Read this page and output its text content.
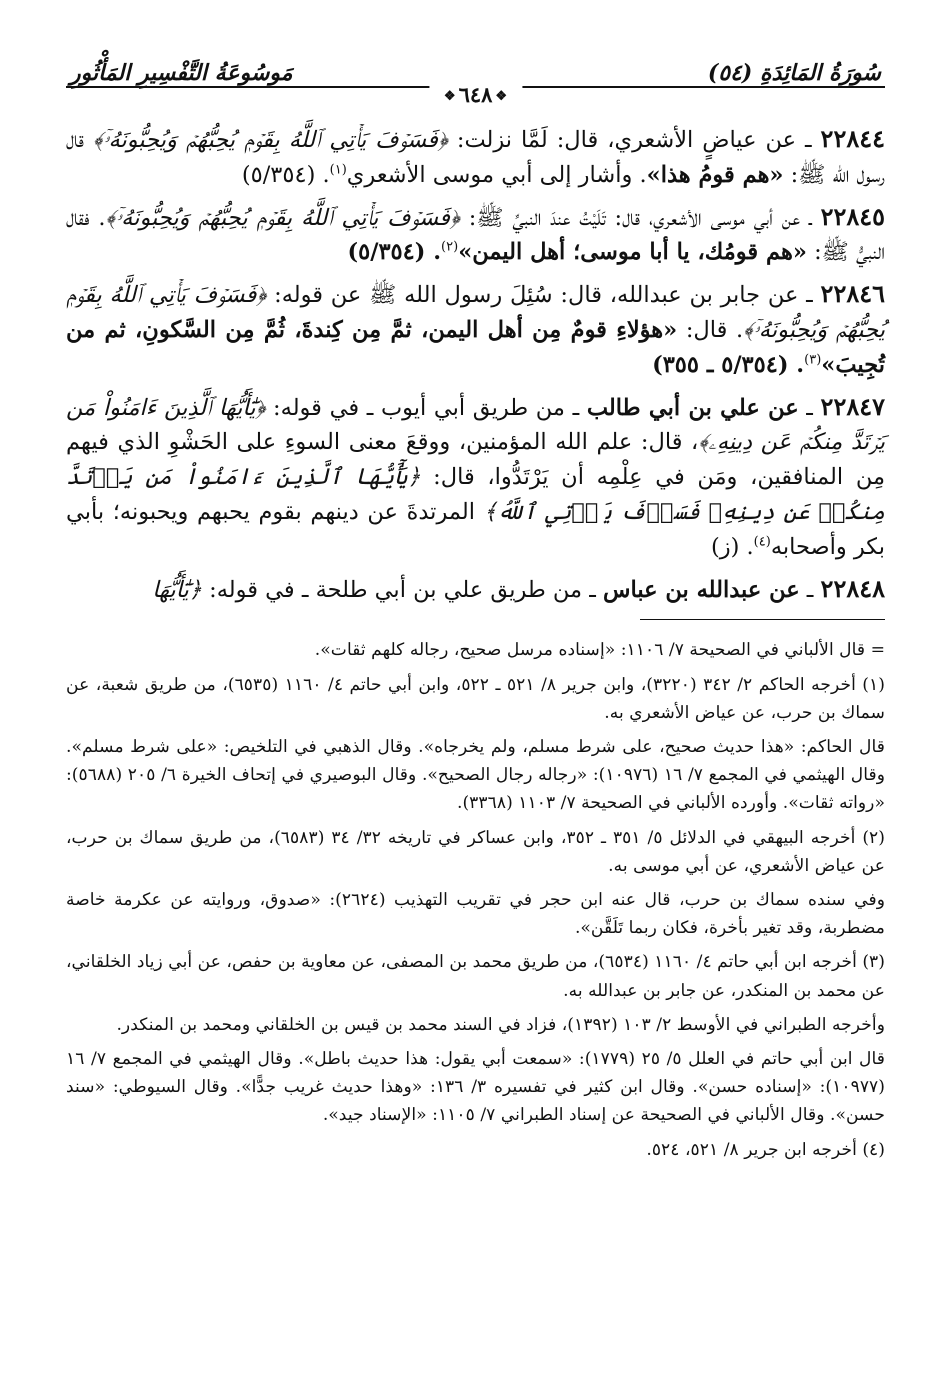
سُورَةُ المَائِدَةِ (٥٤)
مَوسُوعَةُ التَّفْسِيرِ المَأْثُورِ
❖٦٤٨❖

٢٢٨٤٤ ـ عن عياضٍ الأشعري، قال: لَمَّا نزلت: ﴿فَسَوۡفَ يَأۡتِي ٱللَّهُ بِقَوۡمٖ يُحِبُّهُمۡ وَيُحِبُّونَهُۥٓ﴾ قال رسول الله ﷺ: «هم قومُ هذا». وأشار إلى أبي موسى الأشعري$^{(١)}$. (٥/٣٥٤)

٢٢٨٤٥ ـ عن أبي موسى الأشعري، قال: تَلَيْتُ عندَ النبيِّ ﷺ: ﴿فَسَوۡفَ يَأۡتِي ٱللَّهُ بِقَوۡمٖ يُحِبُّهُمۡ وَيُحِبُّونَهُۥٓ﴾. فقال النبيُّ ﷺ: «هم قومُك، يا أبا موسى؛ أهل اليمن»$^{(٢)}$. (٥/٣٥٤)

٢٢٨٤٦ ـ عن جابر بن عبدالله، قال: سُئِلَ رسول الله ﷺ عن قوله: ﴿فَسَوۡفَ يَأۡتِي ٱللَّهُ بِقَوۡمٖ يُحِبُّهُمۡ وَيُحِبُّونَهُۥٓ﴾. قال: «هؤلاءِ قومٌ مِن أهل اليمن، ثمَّ مِن كِندةَ، ثُمَّ مِن السَّكونِ، ثم من تُجِيبَ»$^{(٣)}$. (٥/٣٥٤ ـ ٣٥٥)

٢٢٨٤٧ ـ عن علي بن أبي طالب ـ من طريق أبي أيوب ـ في قوله: ﴿يَٰٓأَيُّهَا ٱلَّذِينَ ءَامَنُواْ مَن يَرۡتَدَّ مِنكُمۡ عَن دِينِهِۦ﴾، قال: علم الله المؤمنين، ووقعَ معنى السوءِ على الحَشْوِ الذي فيهم مِن المنافقين، ومَن في عِلْمِه أن يَرْتَدُّوا، قال: ﴿يَٰٓأَيُّهَا ٱلَّذِينَ ءَامَنُواْ مَن يَرۡتَدَّ مِنكُمۡ عَن دِينِهِۦ فَسَوۡفَ يَأۡتِي ٱللَّهُ﴾ المرتدةَ عن دينهم بقوم يحبهم ويحبونه؛ بأبي بكر وأصحابه$^{(٤)}$. (ز)

٢٢٨٤٨ ـ عن عبدالله بن عباس ـ من طريق علي بن أبي طلحة ـ في قوله: ﴿يَٰٓأَيُّهَا

= قال الألباني في الصحيحة ٧/ ١١٠٦: «إسناده مرسل صحيح، رجاله كلهم ثقات».

(١) أخرجه الحاكم ٢/ ٣٤٢ (٣٢٢٠)، وابن جرير ٨/ ٥٢١ ـ ٥٢٢، وابن أبي حاتم ٤/ ١١٦٠ (٦٥٣٥)، من طريق شعبة، عن سماك بن حرب، عن عياض الأشعري به.

قال الحاكم: «هذا حديث صحيح، على شرط مسلم، ولم يخرجاه». وقال الذهبي في التلخيص: «على شرط مسلم». وقال الهيثمي في المجمع ٧/ ١٦ (١٠٩٧٦): «رجاله رجال الصحيح». وقال البوصيري في إتحاف الخيرة ٦/ ٢٠٥ (٥٦٨٨): «رواته ثقات». وأورده الألباني في الصحيحة ٧/ ١١٠٣ (٣٣٦٨).

(٢) أخرجه البيهقي في الدلائل ٥/ ٣٥١ ـ ٣٥٢، وابن عساكر في تاريخه ٣٢/ ٣٤ (٦٥٨٣)، من طريق سماك بن حرب، عن عياض الأشعري، عن أبي موسى به.

وفي سنده سماك بن حرب، قال عنه ابن حجر في تقريب التهذيب (٢٦٢٤): «صدوق، وروايته عن عكرمة خاصة مضطربة، وقد تغير بأخرة، فكان ربما تَلَقَّن».

(٣) أخرجه ابن أبي حاتم ٤/ ١١٦٠ (٦٥٣٤)، من طريق محمد بن المصفى، عن معاوية بن حفص، عن أبي زياد الخلقاني، عن محمد بن المنكدر، عن جابر بن عبدالله به.

وأخرجه الطبراني في الأوسط ٢/ ١٠٣ (١٣٩٢)، فزاد في السند محمد بن قيس بن الخلقاني ومحمد بن المنكدر.

قال ابن أبي حاتم في العلل ٥/ ٢٥ (١٧٧٩): «سمعت أبي يقول: هذا حديث باطل». وقال الهيثمي في المجمع ٧/ ١٦ (١٠٩٧٧): «إسناده حسن». وقال ابن كثير في تفسيره ٣/ ١٣٦: «وهذا حديث غريب جدًّا». وقال السيوطي: «سند حسن». وقال الألباني في الصحيحة عن إسناد الطبراني ٧/ ١١٠٥: «الإسناد جيد».

(٤) أخرجه ابن جرير ٨/ ٥٢١، ٥٢٤.
